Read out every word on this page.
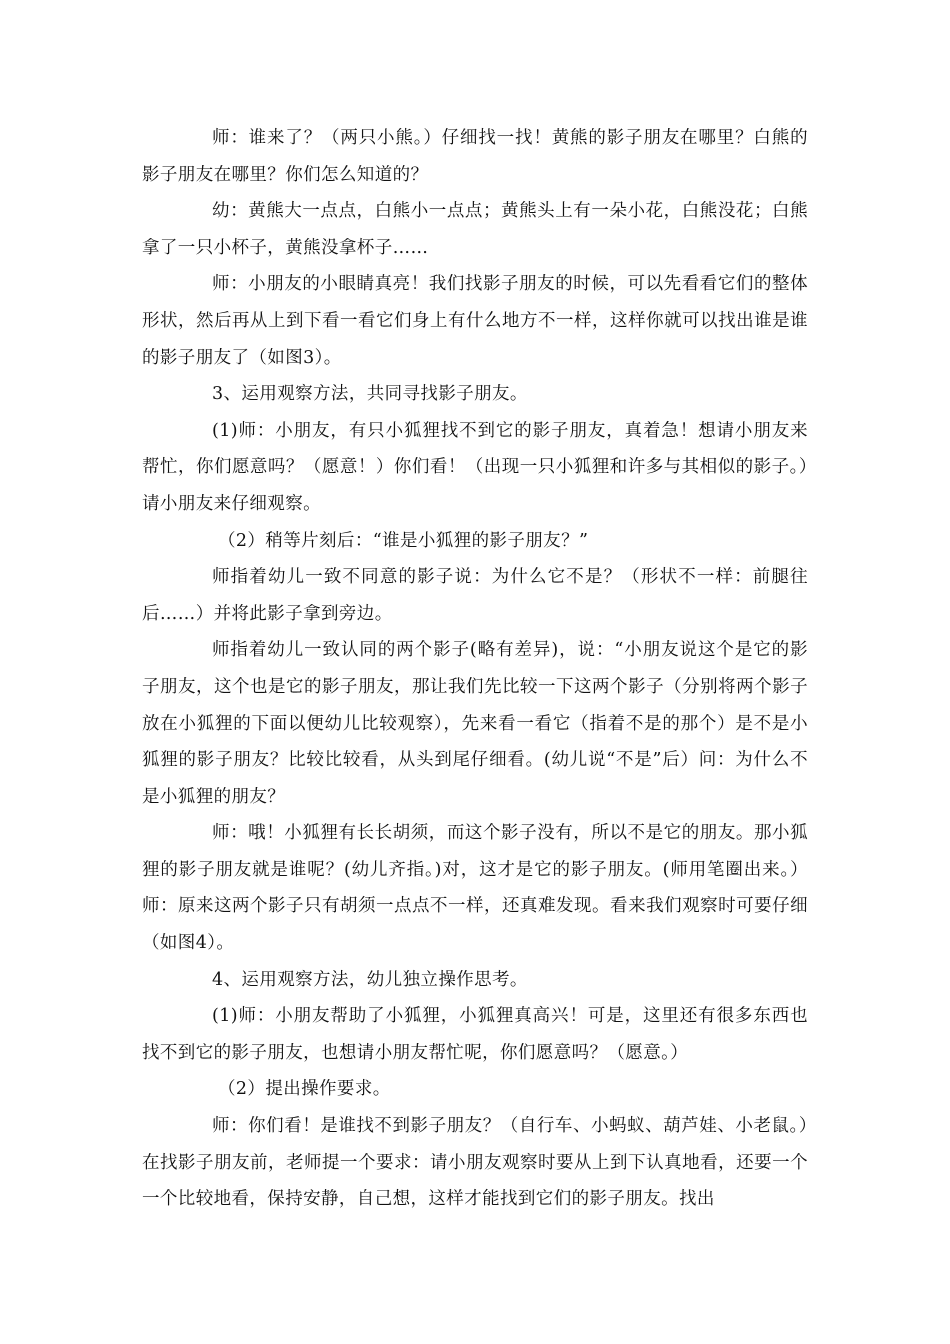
师：谁来了？（两只小熊。）仔细找一找！黄熊的影子朋友在哪里？白熊的影子朋友在哪里？你们怎么知道的？

幼：黄熊大一点点，白熊小一点点；黄熊头上有一朵小花，白熊没花；白熊拿了一只小杯子，黄熊没拿杯子……

师：小朋友的小眼睛真亮！我们找影子朋友的时候，可以先看看它们的整体形状，然后再从上到下看一看它们身上有什么地方不一样，这样你就可以找出谁是谁的影子朋友了（如图3）。

3、运用观察方法，共同寻找影子朋友。

(1)师：小朋友，有只小狐狸找不到它的影子朋友，真着急！想请小朋友来帮忙，你们愿意吗？（愿意！）你们看！（出现一只小狐狸和许多与其相似的影子。）请小朋友来仔细观察。

（2）稍等片刻后：“谁是小狐狸的影子朋友？”

师指着幼儿一致不同意的影子说：为什么它不是？（形状不一样：前腿往后……）并将此影子拿到旁边。

师指着幼儿一致认同的两个影子(略有差异)，说：“小朋友说这个是它的影子朋友，这个也是它的影子朋友，那让我们先比较一下这两个影子（分别将两个影子放在小狐狸的下面以便幼儿比较观察），先来看一看它（指着不是的那个）是不是小狐狸的影子朋友？比较比较看，从头到尾仔细看。(幼儿说“不是”后）问：为什么不是小狐狸的朋友？

师：哦！小狐狸有长长胡须，而这个影子没有，所以不是它的朋友。那小狐狸的影子朋友就是谁呢？(幼儿齐指。)对，这才是它的影子朋友。(师用笔圈出来。）师：原来这两个影子只有胡须一点点不一样，还真难发现。看来我们观察时可要仔细（如图4）。

4、运用观察方法，幼儿独立操作思考。

(1)师：小朋友帮助了小狐狸，小狐狸真高兴！可是，这里还有很多东西也找不到它的影子朋友，也想请小朋友帮忙呢，你们愿意吗？（愿意。）

（2）提出操作要求。

师：你们看！是谁找不到影子朋友？（自行车、小蚂蚁、葫芦娃、小老鼠。）在找影子朋友前，老师提一个要求：请小朋友观察时要从上到下认真地看，还要一个一个比较地看，保持安静，自己想，这样才能找到它们的影子朋友。找出
